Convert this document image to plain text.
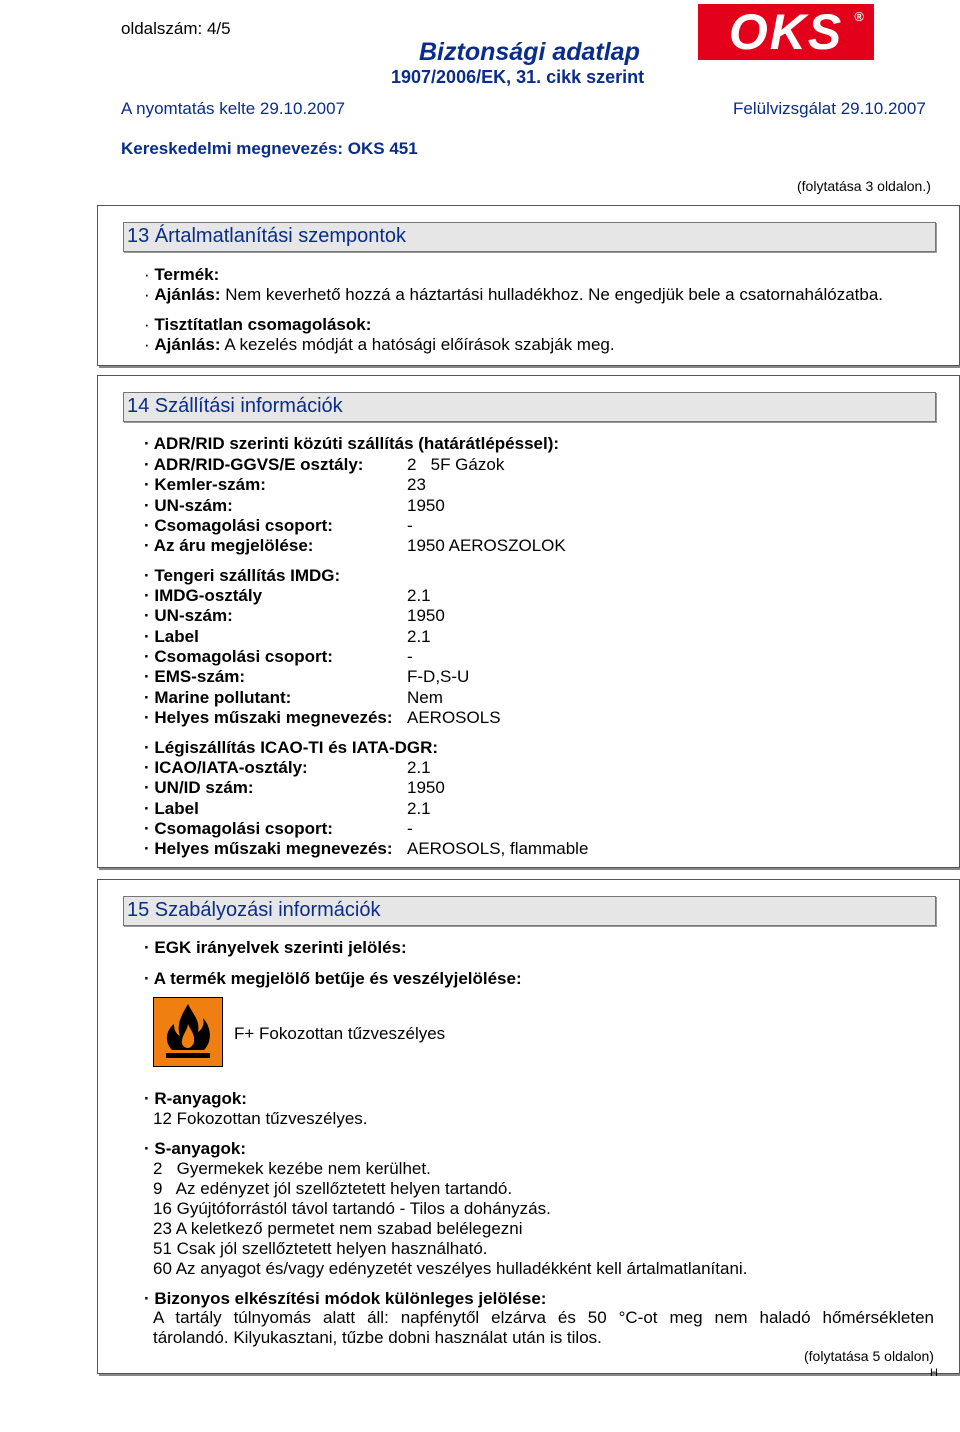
oldalszám: 4/5
Biztonsági adatlap
1907/2006/EK, 31. cikk szerint
OKS ®
A nyomtatás kelte 29.10.2007	Felülvizsgálat 29.10.2007
Kereskedelmi megnevezés: OKS 451
(folytatása 3 oldalon.)
13 Ártalmatlanítási szempontok
· Termék:
· Ajánlás: Nem keverhető hozzá a háztartási hulladékhoz. Ne engedjük bele a csatornahálózatba.
· Tisztítatlan csomagolások:
· Ajánlás: A kezelés módját a hatósági előírások szabják meg.
14 Szállítási információk
· ADR/RID szerinti közúti szállítás (határátlépéssel):
· ADR/RID-GGVS/E osztály:	2   5F Gázok
· Kemler-szám:	23
· UN-szám:	1950
· Csomagolási csoport:	-
· Az áru megjelölése:	1950 AEROSZOLOK
· Tengeri szállítás IMDG:
· IMDG-osztály	2.1
· UN-szám:	1950
· Label	2.1
· Csomagolási csoport:	-
· EMS-szám:	F-D,S-U
· Marine pollutant:	Nem
· Helyes műszaki megnevezés: AEROSOLS
· Légiszállítás ICAO-TI és IATA-DGR:
· ICAO/IATA-osztály:	2.1
· UN/ID szám:	1950
· Label	2.1
· Csomagolási csoport:	-
· Helyes műszaki megnevezés: AEROSOLS, flammable
15 Szabályozási információk
· EGK irányelvek szerinti jelölés:
· A termék megjelölő betűje és veszélyjelölése:
F+ Fokozottan tűzveszélyes
· R-anyagok:
12 Fokozottan tűzveszélyes.
· S-anyagok:
2   Gyermekek kezébe nem kerülhet.
9   Az edényzet jól szellőztetett helyen tartandó.
16 Gyújtóforrástól távol tartandó - Tilos a dohányzás.
23 A keletkező permetet nem szabad belélegezni
51 Csak jól szellőztetett helyen használható.
60 Az anyagot és/vagy edényzetét veszélyes hulladékként kell ártalmatlanítani.
· Bizonyos elkészítési módok különleges jelölése:
A tartály túlnyomás alatt áll: napfénytől elzárva és 50 °C-ot meg nem haladó hőmérsékleten
tárolandó. Kilyukasztani, tűzbe dobni használat után is tilos.
(folytatása 5 oldalon)
H
